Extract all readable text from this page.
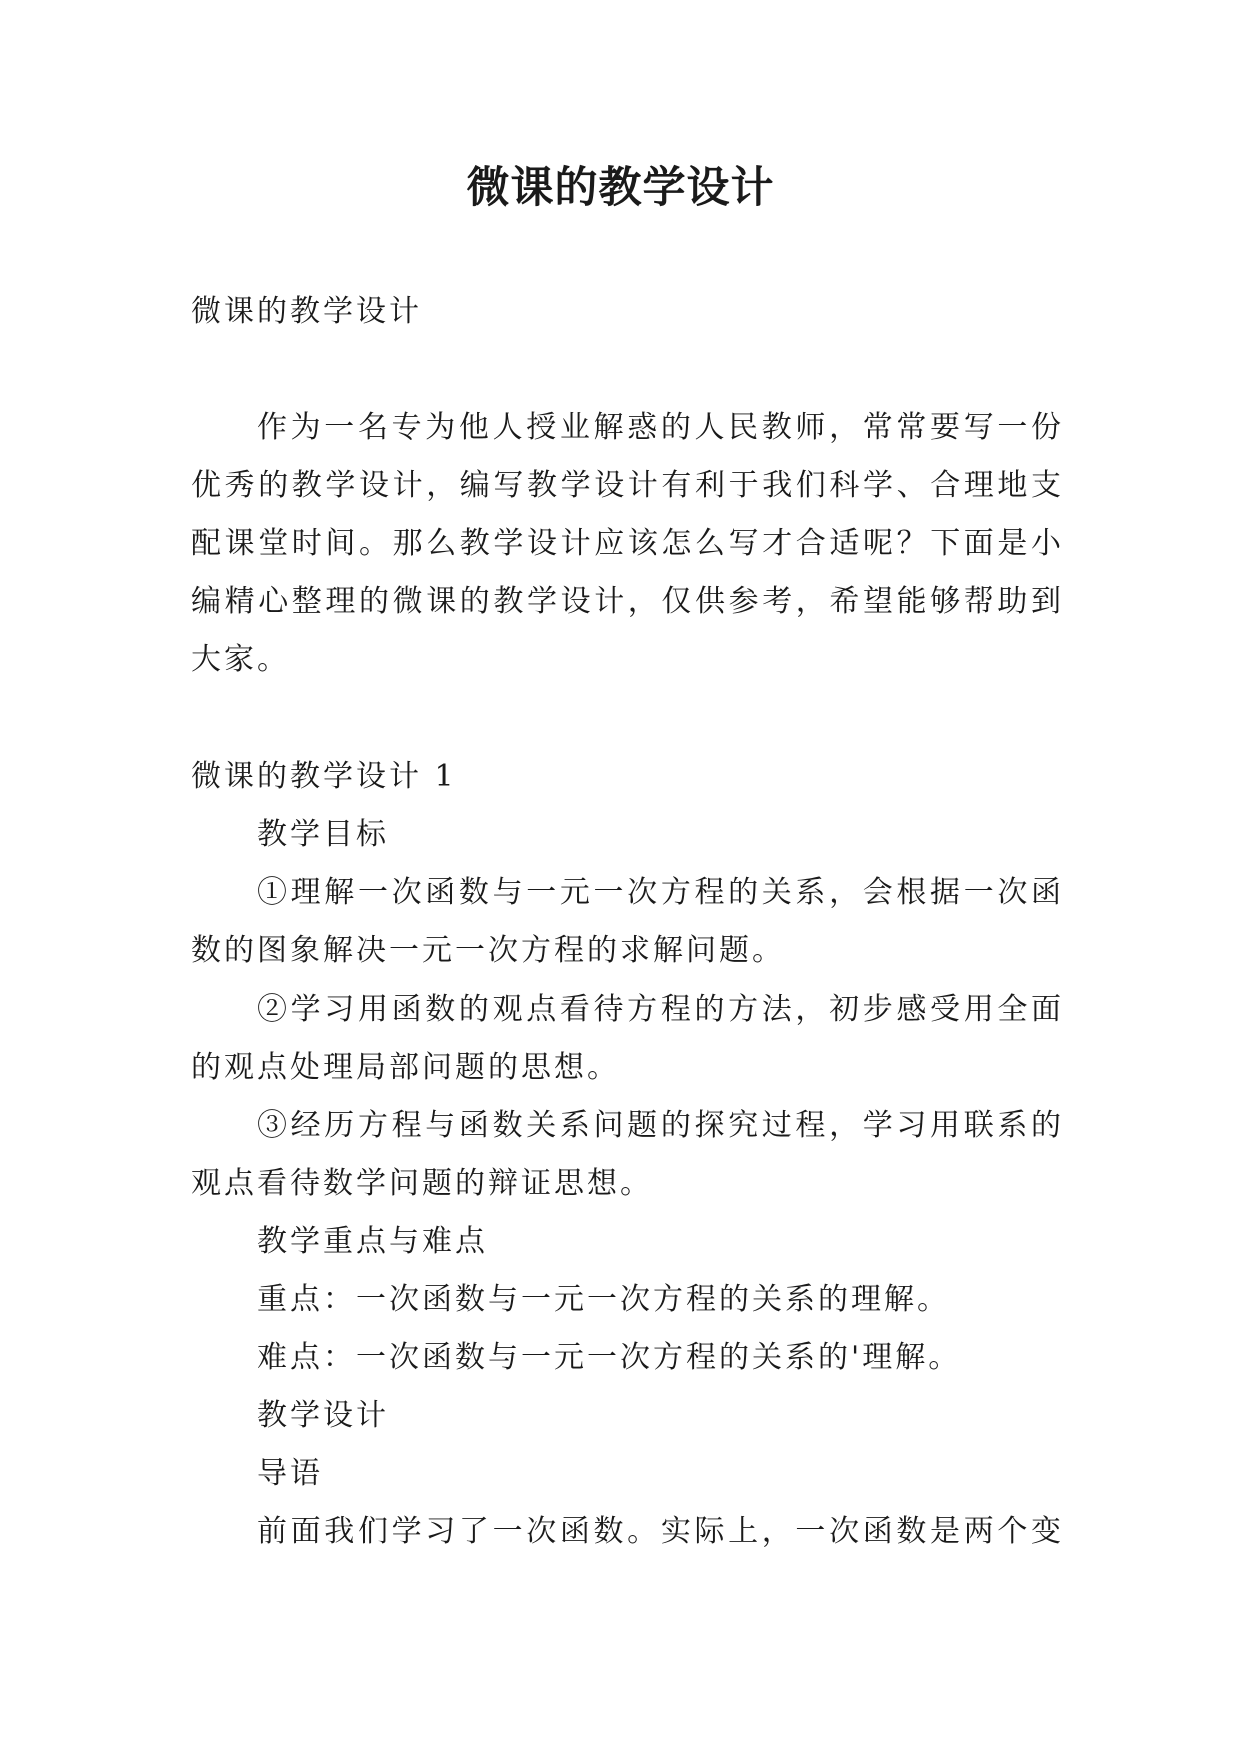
微课的教学设计
微课的教学设计
作为一名专为他人授业解惑的人民教师，常常要写一份
优秀的教学设计，编写教学设计有利于我们科学、合理地支
配课堂时间。那么教学设计应该怎么写才合适呢？下面是小
编精心整理的微课的教学设计，仅供参考，希望能够帮助到
大家。
微课的教学设计 1
教学目标
①理解一次函数与一元一次方程的关系，会根据一次函
数的图象解决一元一次方程的求解问题。
②学习用函数的观点看待方程的方法，初步感受用全面
的观点处理局部问题的思想。
③经历方程与函数关系问题的探究过程，学习用联系的
观点看待数学问题的辩证思想。
教学重点与难点
重点：一次函数与一元一次方程的关系的理解。
难点：一次函数与一元一次方程的关系的'理解。
教学设计
导语
前面我们学习了一次函数。实际上，一次函数是两个变
